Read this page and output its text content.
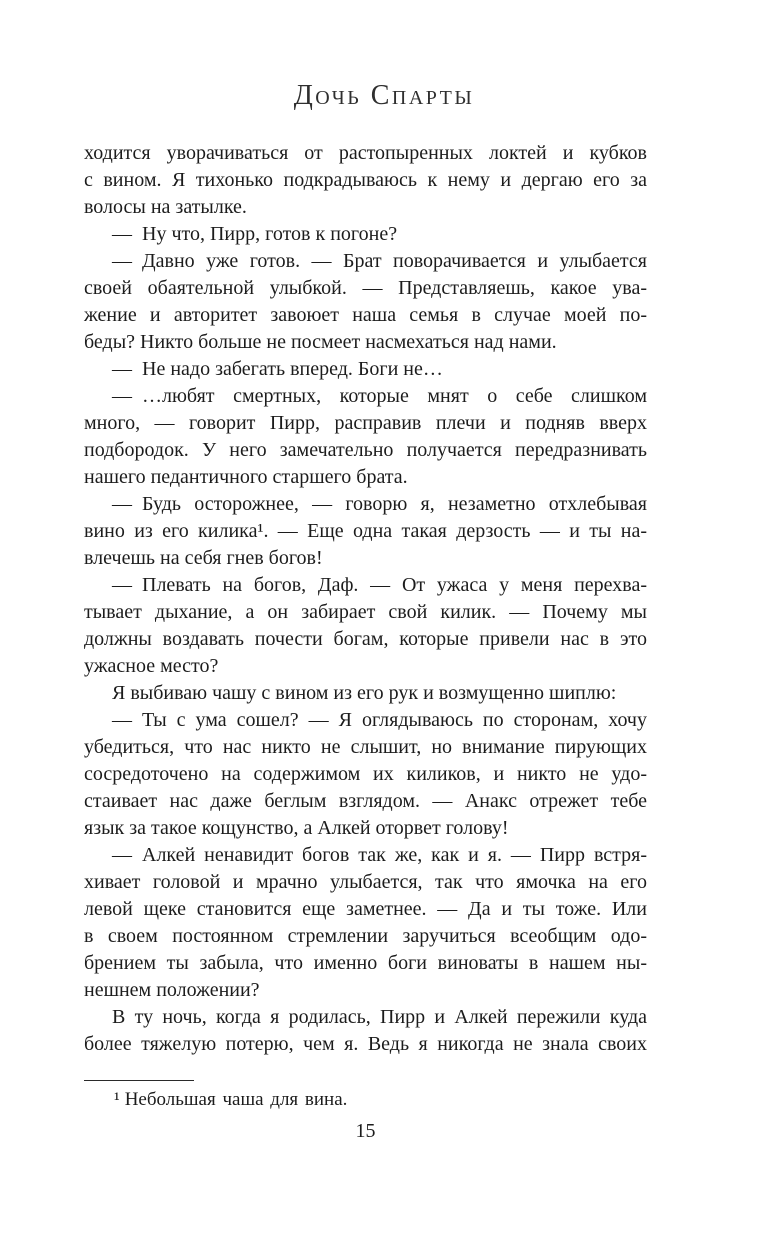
Дочь Спарты
ходится уворачиваться от растопыренных локтей и кубков
с вином. Я тихонько подкрадываюсь к нему и дергаю его за
волосы на затылке.
— Ну что, Пирр, готов к погоне?
— Давно уже готов. — Брат поворачивается и улыбается
своей обаятельной улыбкой. — Представляешь, какое ува-
жение и авторитет завоюет наша семья в случае моей по-
беды? Никто больше не посмеет насмехаться над нами.
— Не надо забегать вперед. Боги не…
— …любят смертных, которые мнят о себе слишком
много, — говорит Пирр, расправив плечи и подняв вверх
подбородок. У него замечательно получается передразнивать
нашего педантичного старшего брата.
— Будь осторожнее, — говорю я, незаметно отхлебывая
вино из его килика¹. — Еще одна такая дерзость — и ты на-
влечешь на себя гнев богов!
— Плевать на богов, Даф. — От ужаса у меня перехва-
тывает дыхание, а он забирает свой килик. — Почему мы
должны воздавать почести богам, которые привели нас в это
ужасное место?
Я выбиваю чашу с вином из его рук и возмущенно шиплю:
— Ты с ума сошел? — Я оглядываюсь по сторонам, хочу
убедиться, что нас никто не слышит, но внимание пирующих
сосредоточено на содержимом их киликов, и никто не удо-
стаивает нас даже беглым взглядом. — Анакс отрежет тебе
язык за такое кощунство, а Алкей оторвет голову!
— Алкей ненавидит богов так же, как и я. — Пирр встря-
хивает головой и мрачно улыбается, так что ямочка на его
левой щеке становится еще заметнее. — Да и ты тоже. Или
в своем постоянном стремлении заручиться всеобщим одо-
брением ты забыла, что именно боги виноваты в нашем ны-
нешнем положении?
В ту ночь, когда я родилась, Пирр и Алкей пережили куда
более тяжелую потерю, чем я. Ведь я никогда не знала своих
¹ Небольшая чаша для вина.
15
